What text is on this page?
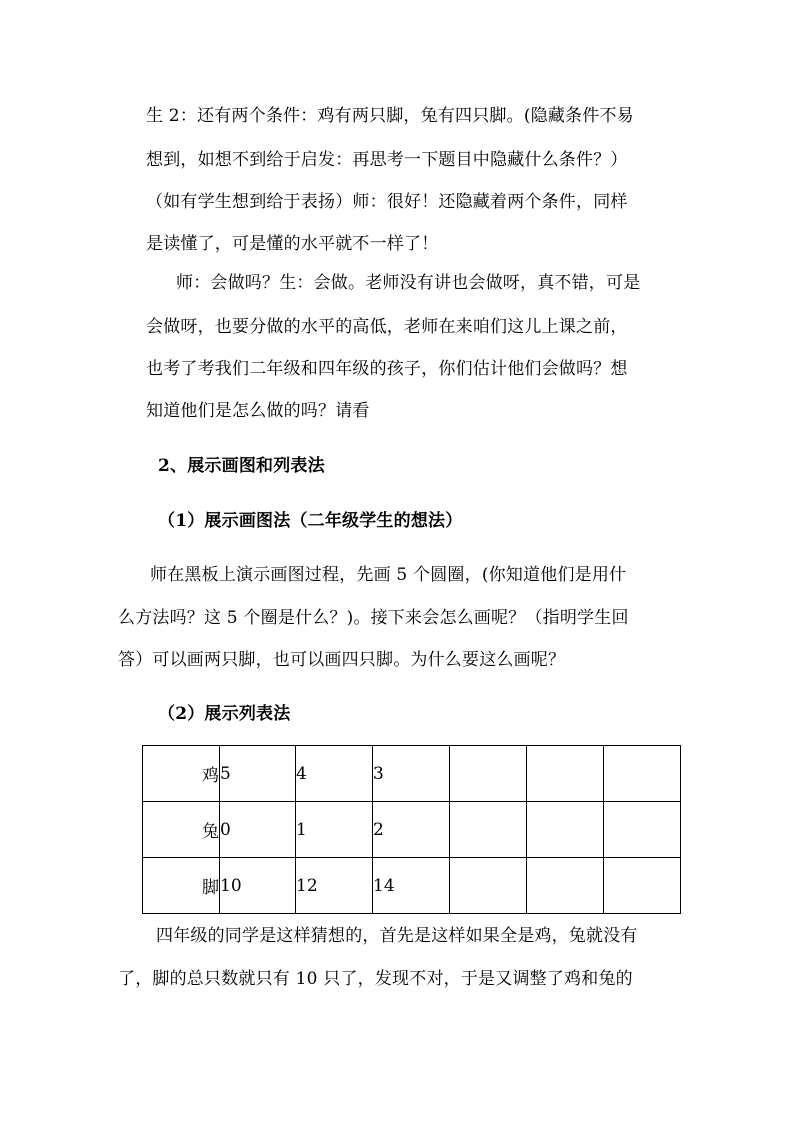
生 2：还有两个条件：鸡有两只脚，兔有四只脚。(隐藏条件不易
想到，如想不到给于启发：再思考一下题目中隐藏什么条件？）
（如有学生想到给于表扬）师：很好！还隐藏着两个条件，同样
是读懂了，可是懂的水平就不一样了！
师：会做吗？生：会做。老师没有讲也会做呀，真不错，可是
会做呀，也要分做的水平的高低，老师在来咱们这儿上课之前，
也考了考我们二年级和四年级的孩子，你们估计他们会做吗？想
知道他们是怎么做的吗？请看
2、展示画图和列表法
（1）展示画图法（二年级学生的想法）
师在黑板上演示画图过程，先画 5 个圆圈，(你知道他们是用什
么方法吗？这 5 个圈是什么？)。接下来会怎么画呢？（指明学生回
答）可以画两只脚，也可以画四只脚。为什么要这么画呢？
（2）展示列表法
鸡	5	4	3			
兔	0	1	2			
脚	10	12	14			
四年级的同学是这样猜想的，首先是这样如果全是鸡，兔就没有
了，脚的总只数就只有 10 只了，发现不对，于是又调整了鸡和兔的
